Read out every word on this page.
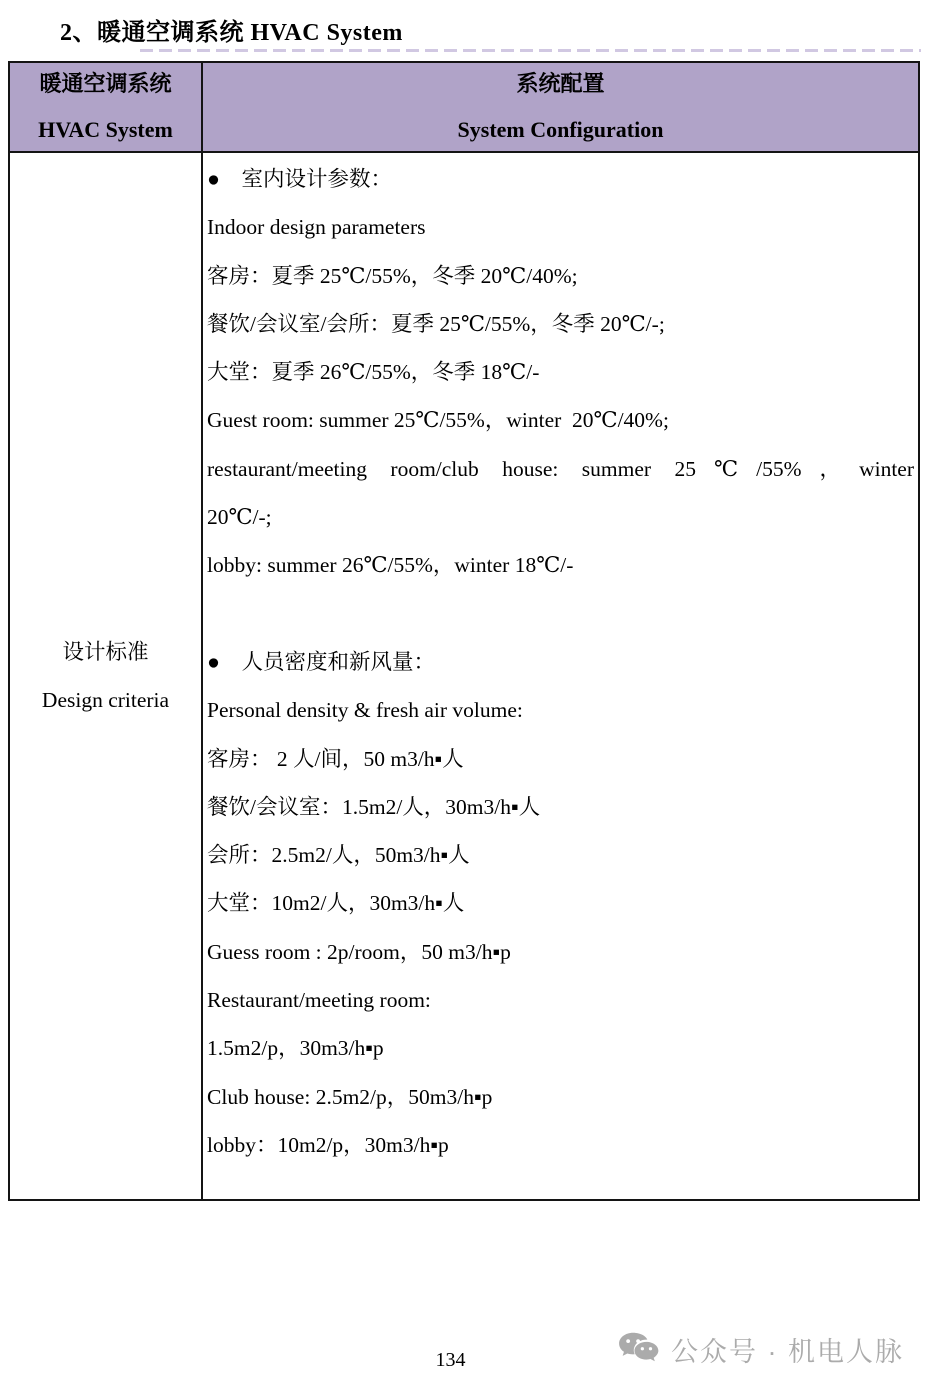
2、暖通空调系统 HVAC System
暖通空调系统
HVAC System
系统配置
System Configuration
设计标准
Design criteria
●　室内设计参数：
Indoor design parameters
客房：夏季 25℃/55%，冬季 20℃/40%;
餐饮/会议室/会所：夏季 25℃/55%，冬季 20℃/-;
大堂：夏季 26℃/55%，冬季 18℃/-
Guest room: summer 25℃/55%，winter  20℃/40%;
restaurant/meeting room/club house: summer 25℃/55%，winter
20℃/-;
lobby: summer 26℃/55%，winter 18℃/-
●　人员密度和新风量：
Personal density & fresh air volume:
客房： 2 人/间，50 m3/h▪人
餐饮/会议室：1.5m2/人，30m3/h▪人
会所：2.5m2/人，50m3/h▪人
大堂：10m2/人，30m3/h▪人
Guess room : 2p/room，50 m3/h▪p
Restaurant/meeting room:
1.5m2/p，30m3/h▪p
Club house: 2.5m2/p，50m3/h▪p
lobby：10m2/p，30m3/h▪p
134	公众号 · 机电人脉
